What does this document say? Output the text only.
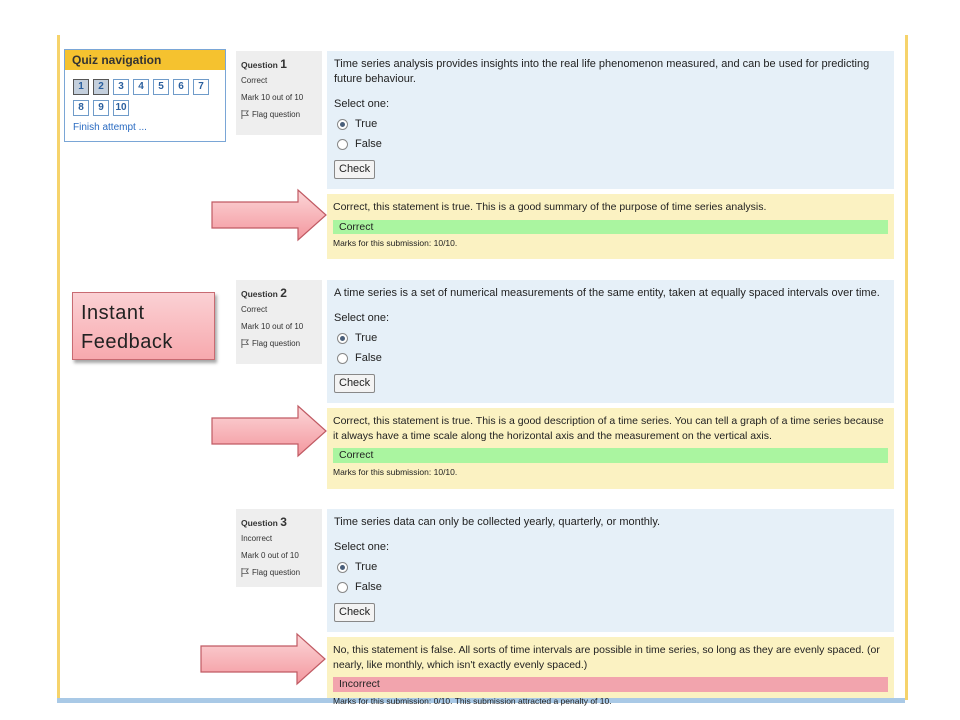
Quiz navigation
1	2	3	4	5	6	7
8	9	10
Finish attempt ...
Instant
Feedback
Question 1
Correct
Mark 10 out of 10
Flag question
Time series analysis provides insights into the real life phenomenon measured, and can be used for predicting future behaviour.
Select one:
True
False
Check
Correct, this statement is true. This is a good summary of the purpose of time series analysis.
Correct
Marks for this submission: 10/10.
Question 2
Correct
Mark 10 out of 10
Flag question
A time series is a set of numerical measurements of the same entity, taken at equally spaced intervals over time.
Select one:
True
False
Check
Correct, this statement is true. This is a good description of a time series. You can tell a graph of a time series because it always have a time scale along the horizontal axis and the measurement on the vertical axis.
Correct
Marks for this submission: 10/10.
Question 3
Incorrect
Mark 0 out of 10
Flag question
Time series data can only be collected yearly, quarterly, or monthly.
Select one:
True
False
Check
No, this statement is false. All sorts of time intervals are possible in time series, so long as they are evenly spaced. (or nearly, like monthly, which isn't exactly evenly spaced.)
Incorrect
Marks for this submission: 0/10. This submission attracted a penalty of 10.
